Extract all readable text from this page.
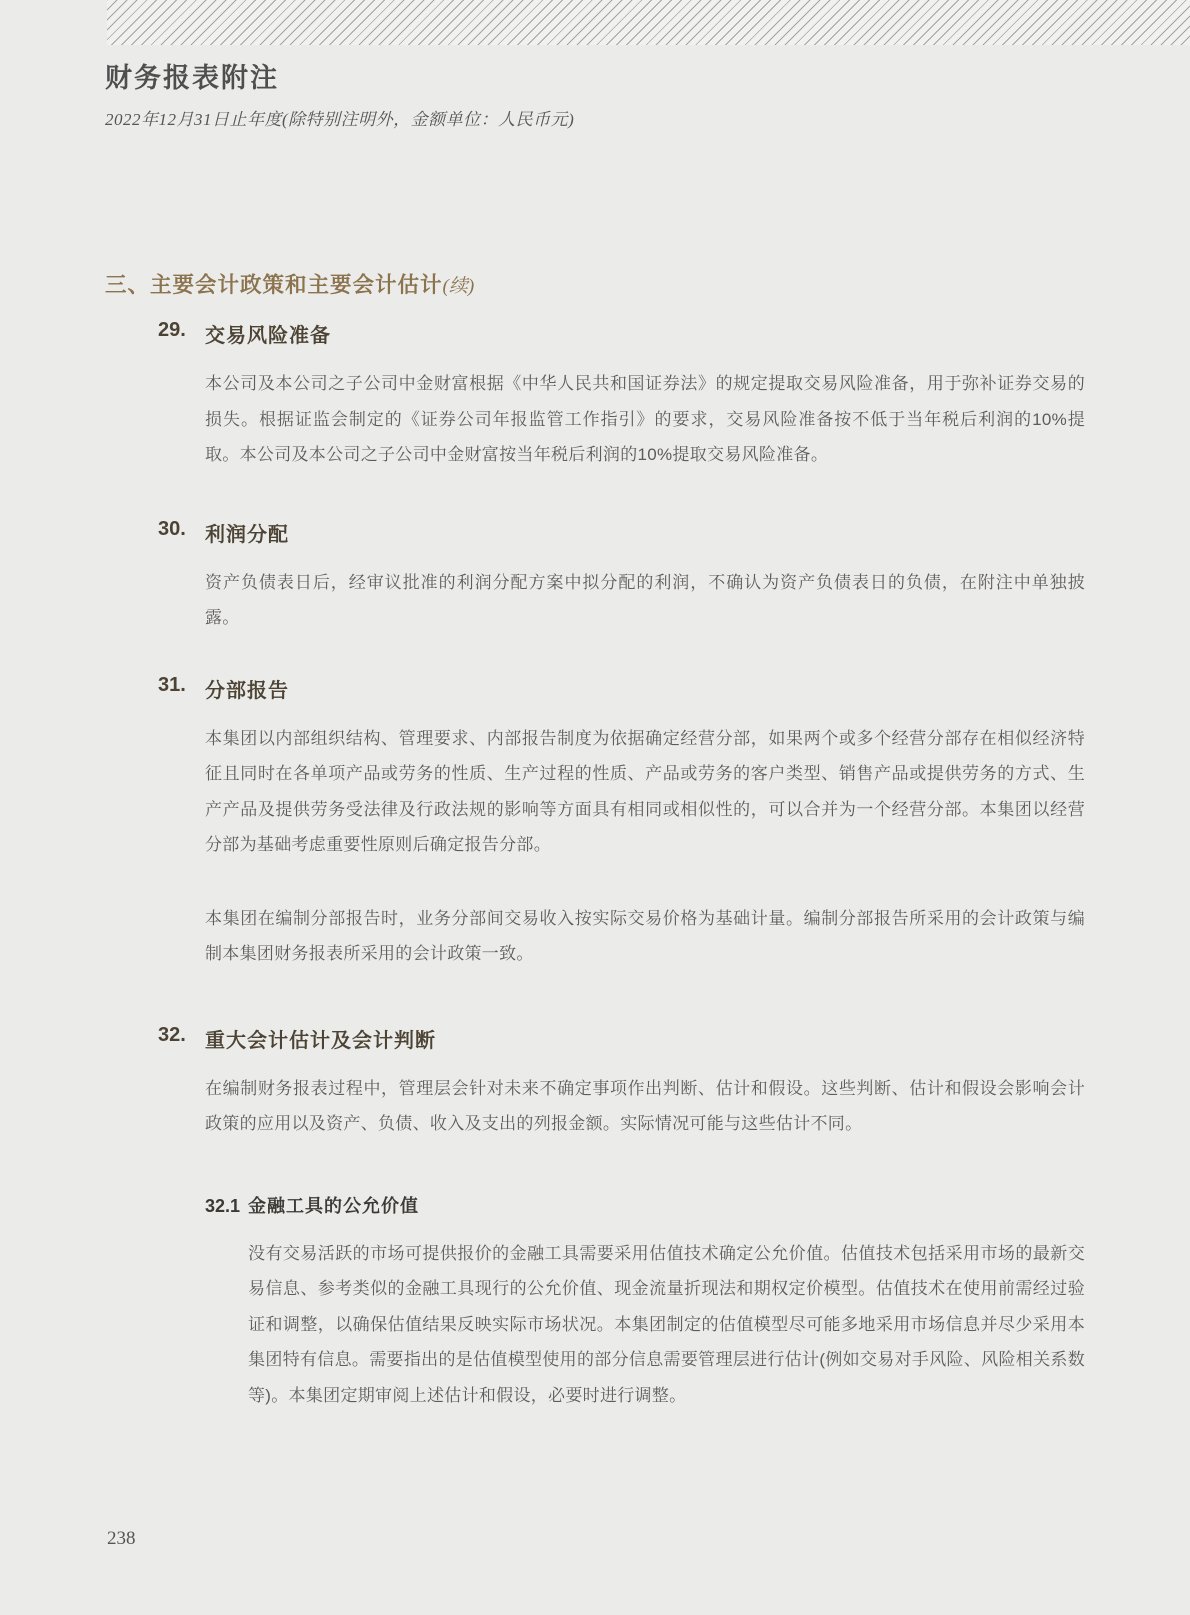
财务报表附注

2022年12月31日止年度(除特别注明外，金额单位：人民币元)

三、主要会计政策和主要会计估计(续)
29. 交易风险准备

本公司及本公司之子公司中金财富根据《中华人民共和国证券法》的规定提取交易风险准备，用于弥补证券交易的损失。根据证监会制定的《证券公司年报监管工作指引》的要求，交易风险准备按不低于当年税后利润的10%提取。本公司及本公司之子公司中金财富按当年税后利润的10%提取交易风险准备。

30. 利润分配

资产负债表日后，经审议批准的利润分配方案中拟分配的利润，不确认为资产负债表日的负债，在附注中单独披露。

31. 分部报告

本集团以内部组织结构、管理要求、内部报告制度为依据确定经营分部，如果两个或多个经营分部存在相似经济特征且同时在各单项产品或劳务的性质、生产过程的性质、产品或劳务的客户类型、销售产品或提供劳务的方式、生产产品及提供劳务受法律及行政法规的影响等方面具有相同或相似性的，可以合并为一个经营分部。本集团以经营分部为基础考虑重要性原则后确定报告分部。

本集团在编制分部报告时，业务分部间交易收入按实际交易价格为基础计量。编制分部报告所采用的会计政策与编制本集团财务报表所采用的会计政策一致。

32. 重大会计估计及会计判断

在编制财务报表过程中，管理层会针对未来不确定事项作出判断、估计和假设。这些判断、估计和假设会影响会计政策的应用以及资产、负债、收入及支出的列报金额。实际情况可能与这些估计不同。

32.1 金融工具的公允价值

没有交易活跃的市场可提供报价的金融工具需要采用估值技术确定公允价值。估值技术包括采用市场的最新交易信息、参考类似的金融工具现行的公允价值、现金流量折现法和期权定价模型。估值技术在使用前需经过验证和调整，以确保估值结果反映实际市场状况。本集团制定的估值模型尽可能多地采用市场信息并尽少采用本集团特有信息。需要指出的是估值模型使用的部分信息需要管理层进行估计(例如交易对手风险、风险相关系数等)。本集团定期审阅上述估计和假设，必要时进行调整。

238
